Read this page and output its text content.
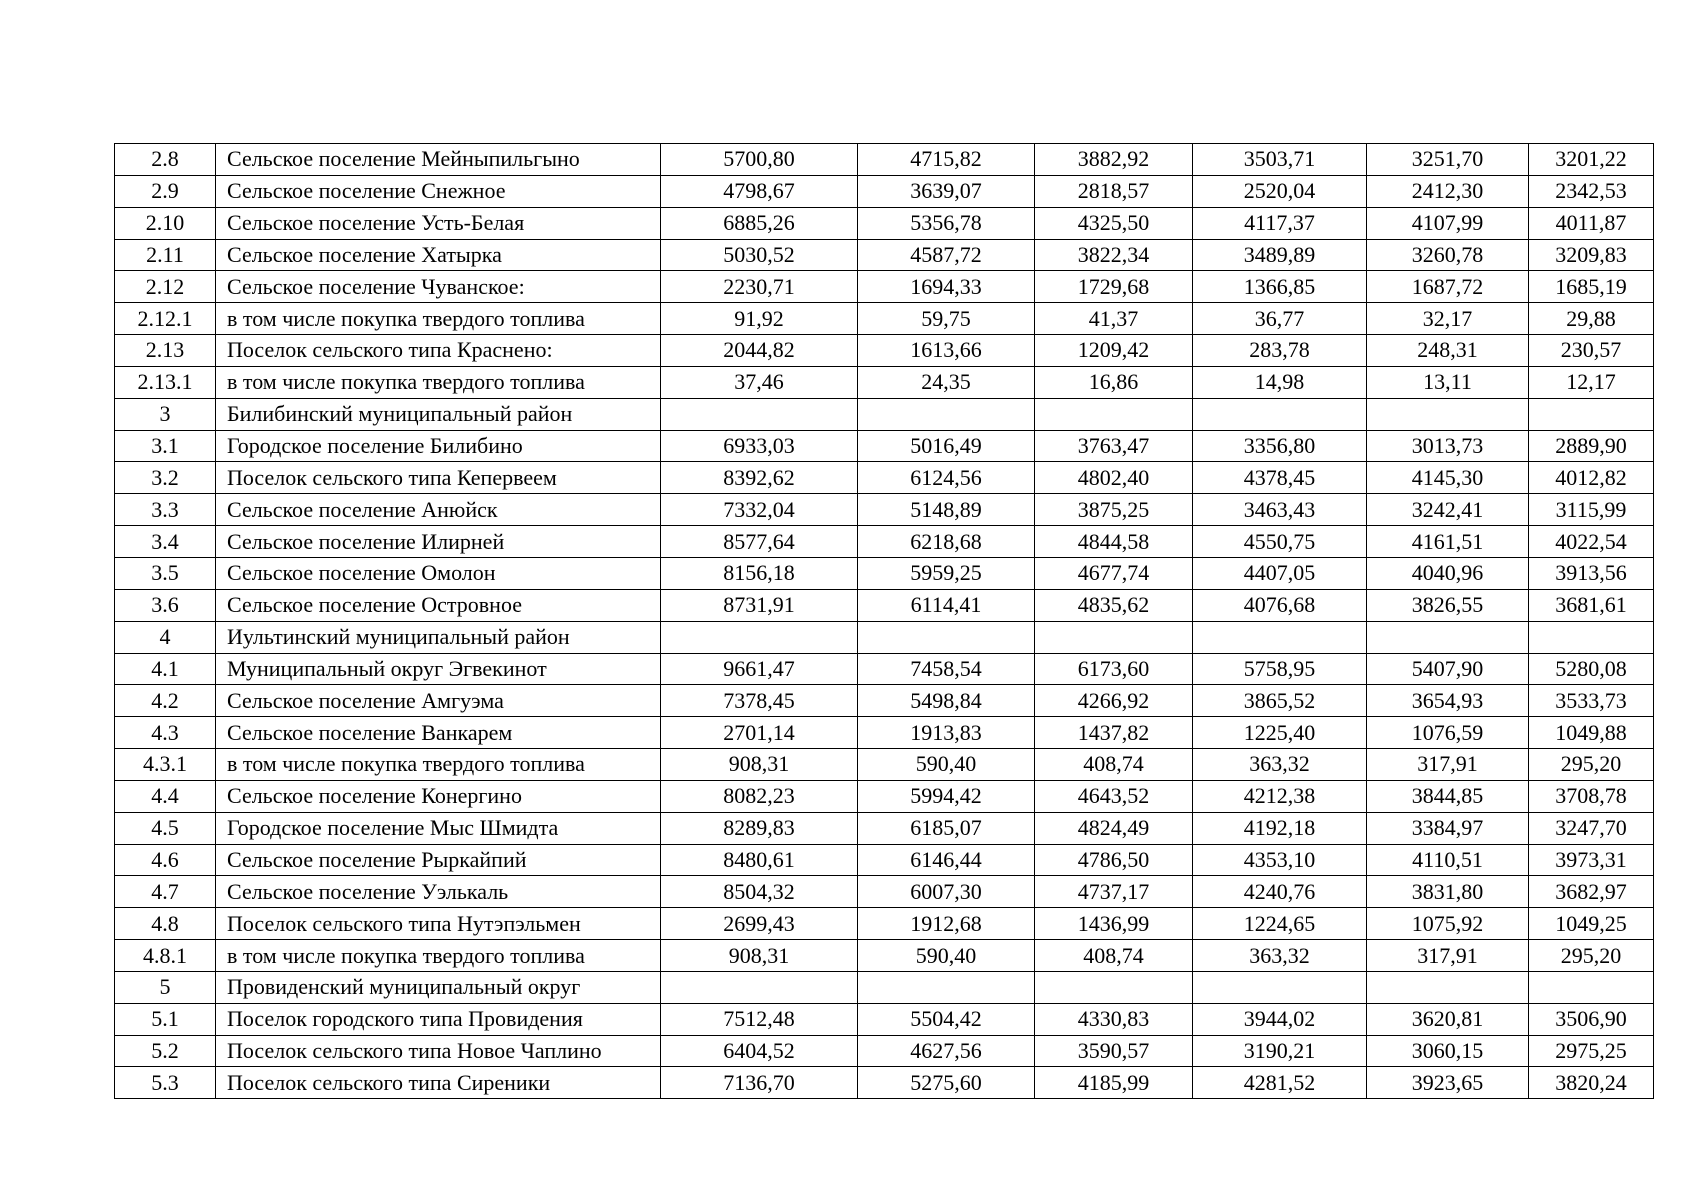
2.8	Сельское поселение Мейныпильгыно	5700,80	4715,82	3882,92	3503,71	3251,70	3201,22
2.9	Сельское поселение Снежное	4798,67	3639,07	2818,57	2520,04	2412,30	2342,53
2.10	Сельское поселение Усть-Белая	6885,26	5356,78	4325,50	4117,37	4107,99	4011,87
2.11	Сельское поселение Хатырка	5030,52	4587,72	3822,34	3489,89	3260,78	3209,83
2.12	Сельское поселение Чуванское:	2230,71	1694,33	1729,68	1366,85	1687,72	1685,19
2.12.1	в том числе покупка твердого топлива	91,92	59,75	41,37	36,77	32,17	29,88
2.13	Поселок сельского типа Краснено:	2044,82	1613,66	1209,42	283,78	248,31	230,57
2.13.1	в том числе покупка твердого топлива	37,46	24,35	16,86	14,98	13,11	12,17
3	Билибинский муниципальный район						
3.1	Городское поселение Билибино	6933,03	5016,49	3763,47	3356,80	3013,73	2889,90
3.2	Поселок сельского типа Кепервеем	8392,62	6124,56	4802,40	4378,45	4145,30	4012,82
3.3	Сельское поселение Анюйск	7332,04	5148,89	3875,25	3463,43	3242,41	3115,99
3.4	Сельское поселение Илирней	8577,64	6218,68	4844,58	4550,75	4161,51	4022,54
3.5	Сельское поселение Омолон	8156,18	5959,25	4677,74	4407,05	4040,96	3913,56
3.6	Сельское поселение Островное	8731,91	6114,41	4835,62	4076,68	3826,55	3681,61
4	Иультинский муниципальный район						
4.1	Муниципальный округ Эгвекинот	9661,47	7458,54	6173,60	5758,95	5407,90	5280,08
4.2	Сельское поселение Амгуэма	7378,45	5498,84	4266,92	3865,52	3654,93	3533,73
4.3	Сельское поселение Ванкарем	2701,14	1913,83	1437,82	1225,40	1076,59	1049,88
4.3.1	в том числе покупка твердого топлива	908,31	590,40	408,74	363,32	317,91	295,20
4.4	Сельское поселение Конергино	8082,23	5994,42	4643,52	4212,38	3844,85	3708,78
4.5	Городское поселение Мыс Шмидта	8289,83	6185,07	4824,49	4192,18	3384,97	3247,70
4.6	Сельское поселение Рыркайпий	8480,61	6146,44	4786,50	4353,10	4110,51	3973,31
4.7	Сельское поселение Уэлькаль	8504,32	6007,30	4737,17	4240,76	3831,80	3682,97
4.8	Поселок сельского типа Нутэпэльмен	2699,43	1912,68	1436,99	1224,65	1075,92	1049,25
4.8.1	в том числе покупка твердого топлива	908,31	590,40	408,74	363,32	317,91	295,20
5	Провиденский муниципальный округ						
5.1	Поселок городского типа Провидения	7512,48	5504,42	4330,83	3944,02	3620,81	3506,90
5.2	Поселок сельского типа Новое Чаплино	6404,52	4627,56	3590,57	3190,21	3060,15	2975,25
5.3	Поселок сельского типа Сиреники	7136,70	5275,60	4185,99	4281,52	3923,65	3820,24
